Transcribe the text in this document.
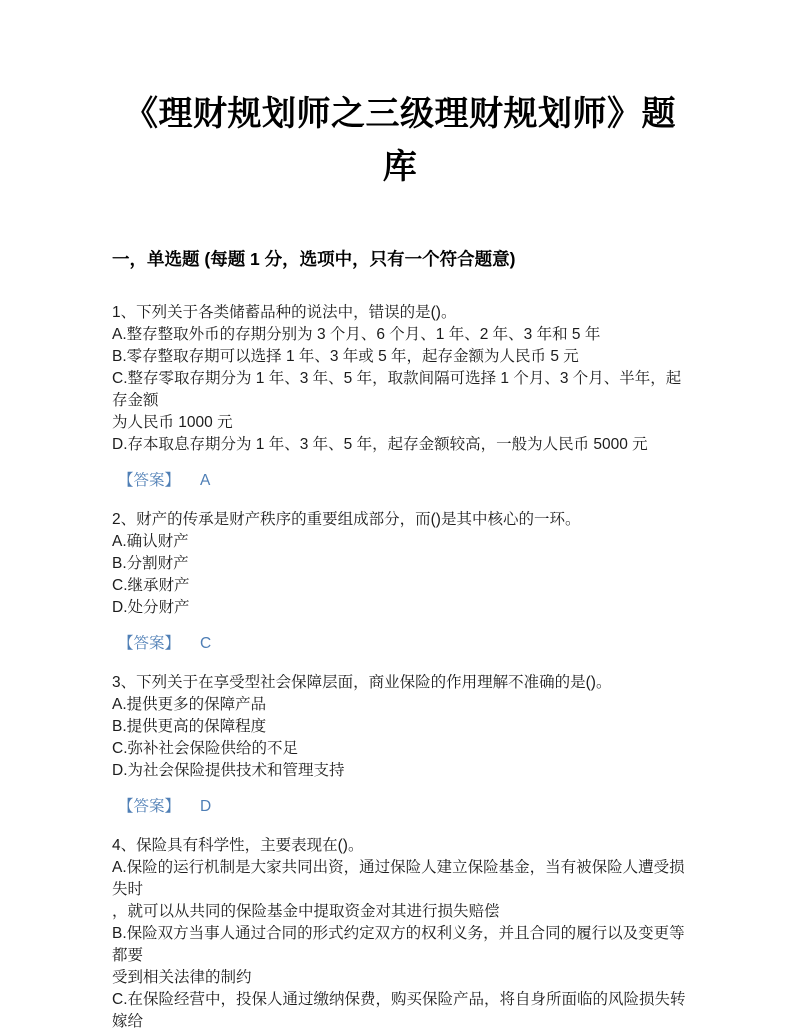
《理财规划师之三级理财规划师》题库
一，单选题 (每题 1 分，选项中，只有一个符合题意)

1、下列关于各类储蓄品种的说法中，错误的是()。

A.整存整取外币的存期分别为 3 个月、6 个月、1 年、2 年、3 年和 5 年

B.零存整取存期可以选择 1 年、3 年或 5 年，起存金额为人民币 5 元

C.整存零取存期分为 1 年、3 年、5 年，取款间隔可选择 1 个月、3 个月、半年，起存金额

为人民币 1000 元

D.存本取息存期分为 1 年、3 年、5 年，起存金额较高，一般为人民币 5000 元

【答案】 A

2、财产的传承是财产秩序的重要组成部分，而()是其中核心的一环。

A.确认财产

B.分割财产

C.继承财产

D.处分财产

【答案】 C

3、下列关于在享受型社会保障层面，商业保险的作用理解不准确的是()。

A.提供更多的保障产品

B.提供更高的保障程度

C.弥补社会保险供给的不足

D.为社会保险提供技术和管理支持

【答案】 D

4、保险具有科学性，主要表现在()。

A.保险的运行机制是大家共同出资，通过保险人建立保险基金，当有被保险人遭受损失时

，就可以从共同的保险基金中提取资金对其进行损失赔偿

B.保险双方当事人通过合同的形式约定双方的权利义务，并且合同的履行以及变更等都要

受到相关法律的制约

C.在保险经营中，投保人通过缴纳保费，购买保险产品，将自身所面临的风险损失转嫁给
